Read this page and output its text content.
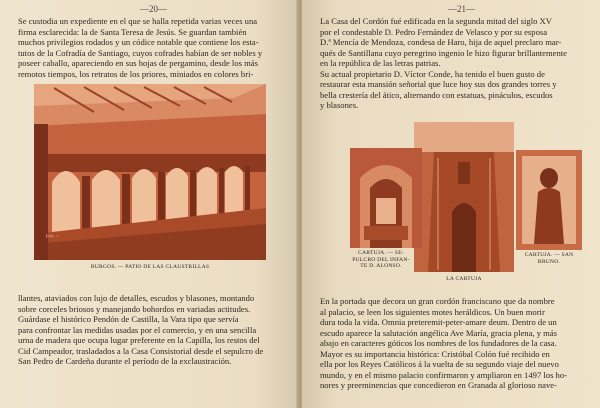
—20—
Se custodia un expediente en el que se halla repetida varias veces una
firma esclarecida: la de Santa Teresa de Jesús. Se guardan también
muchos privilegios rodados y un códice notable que contiene los esta-
tutos de la Cofradía de Santiago, cuyos cofrades habían de ser nobles y
poseer caballo, apareciendo en sus hojas de pergamino, desde los más
remotos tiempos, los retratos de los priores, miniados en colores bri-
Fot. ...
BURGOS. — PATIO DE LAS CLAUSTRILLAS
llantes, ataviados con lujo de detalles, escudos y blasones, montando
sobre corceles briosos y manejando bohordos en variadas actitudes.
Guárdase el histórico Pendón de Castilla, la Vara tipo que servía
para confrontar las medidas usadas por el comercio, y en una sencilla
urna de madera que ocupa lugar preferente en la Capilla, los restos del
Cid Campeador, trasladados a la Casa Consistorial desde el sepulcro de
San Pedro de Cardeña durante el período de la exclaustración.
—21—
La Casa del Cordón fué edificada en la segunda mitad del siglo XV
por el condestable D. Pedro Fernández de Velasco y por su esposa
D.ª Mencía de Mendoza, condesa de Haro, hija de aquel preclaro mar-
qués de Santillana cuyo peregrino ingenio le hizo figurar brillantemente
en la república de las letras patrias.
Su actual propietario D. Víctor Conde, ha tenido el buen gusto de
restaurar esta mansión señorial que luce hoy sus dos grandes torres y
bella crestería del ático, alternando con estatuas, pináculos, escudos
y blasones.
CARTUJA. — SE-
PULCRO DEL INFAN-
TE D. ALONSO.
LA CARTUJA
CARTUJA. — SAN
BRUNO.
En la portada que decora un gran cordón franciscano que da nombre
al palacio, se leen los siguientes motes heráldicos. Un buen morir
dura toda la vida. Omnia preteremit-peter-amare deum. Dentro de un
escudo aparece la salutación angélica Ave María, gracia plena, y más
abajo en caracteres góticos los nombres de los fundadores de la casa.
Mayor es su importancia histórica: Cristóbal Colón fué recibido en
ella por los Reyes Católicos á la vuelta de su segundo viaje del nuevo
mundo, y en el mismo palacio confirmaron y ampliaron en 1497 los ho-
nores y preeminencias que concedieron en Granada al glorioso nave-
